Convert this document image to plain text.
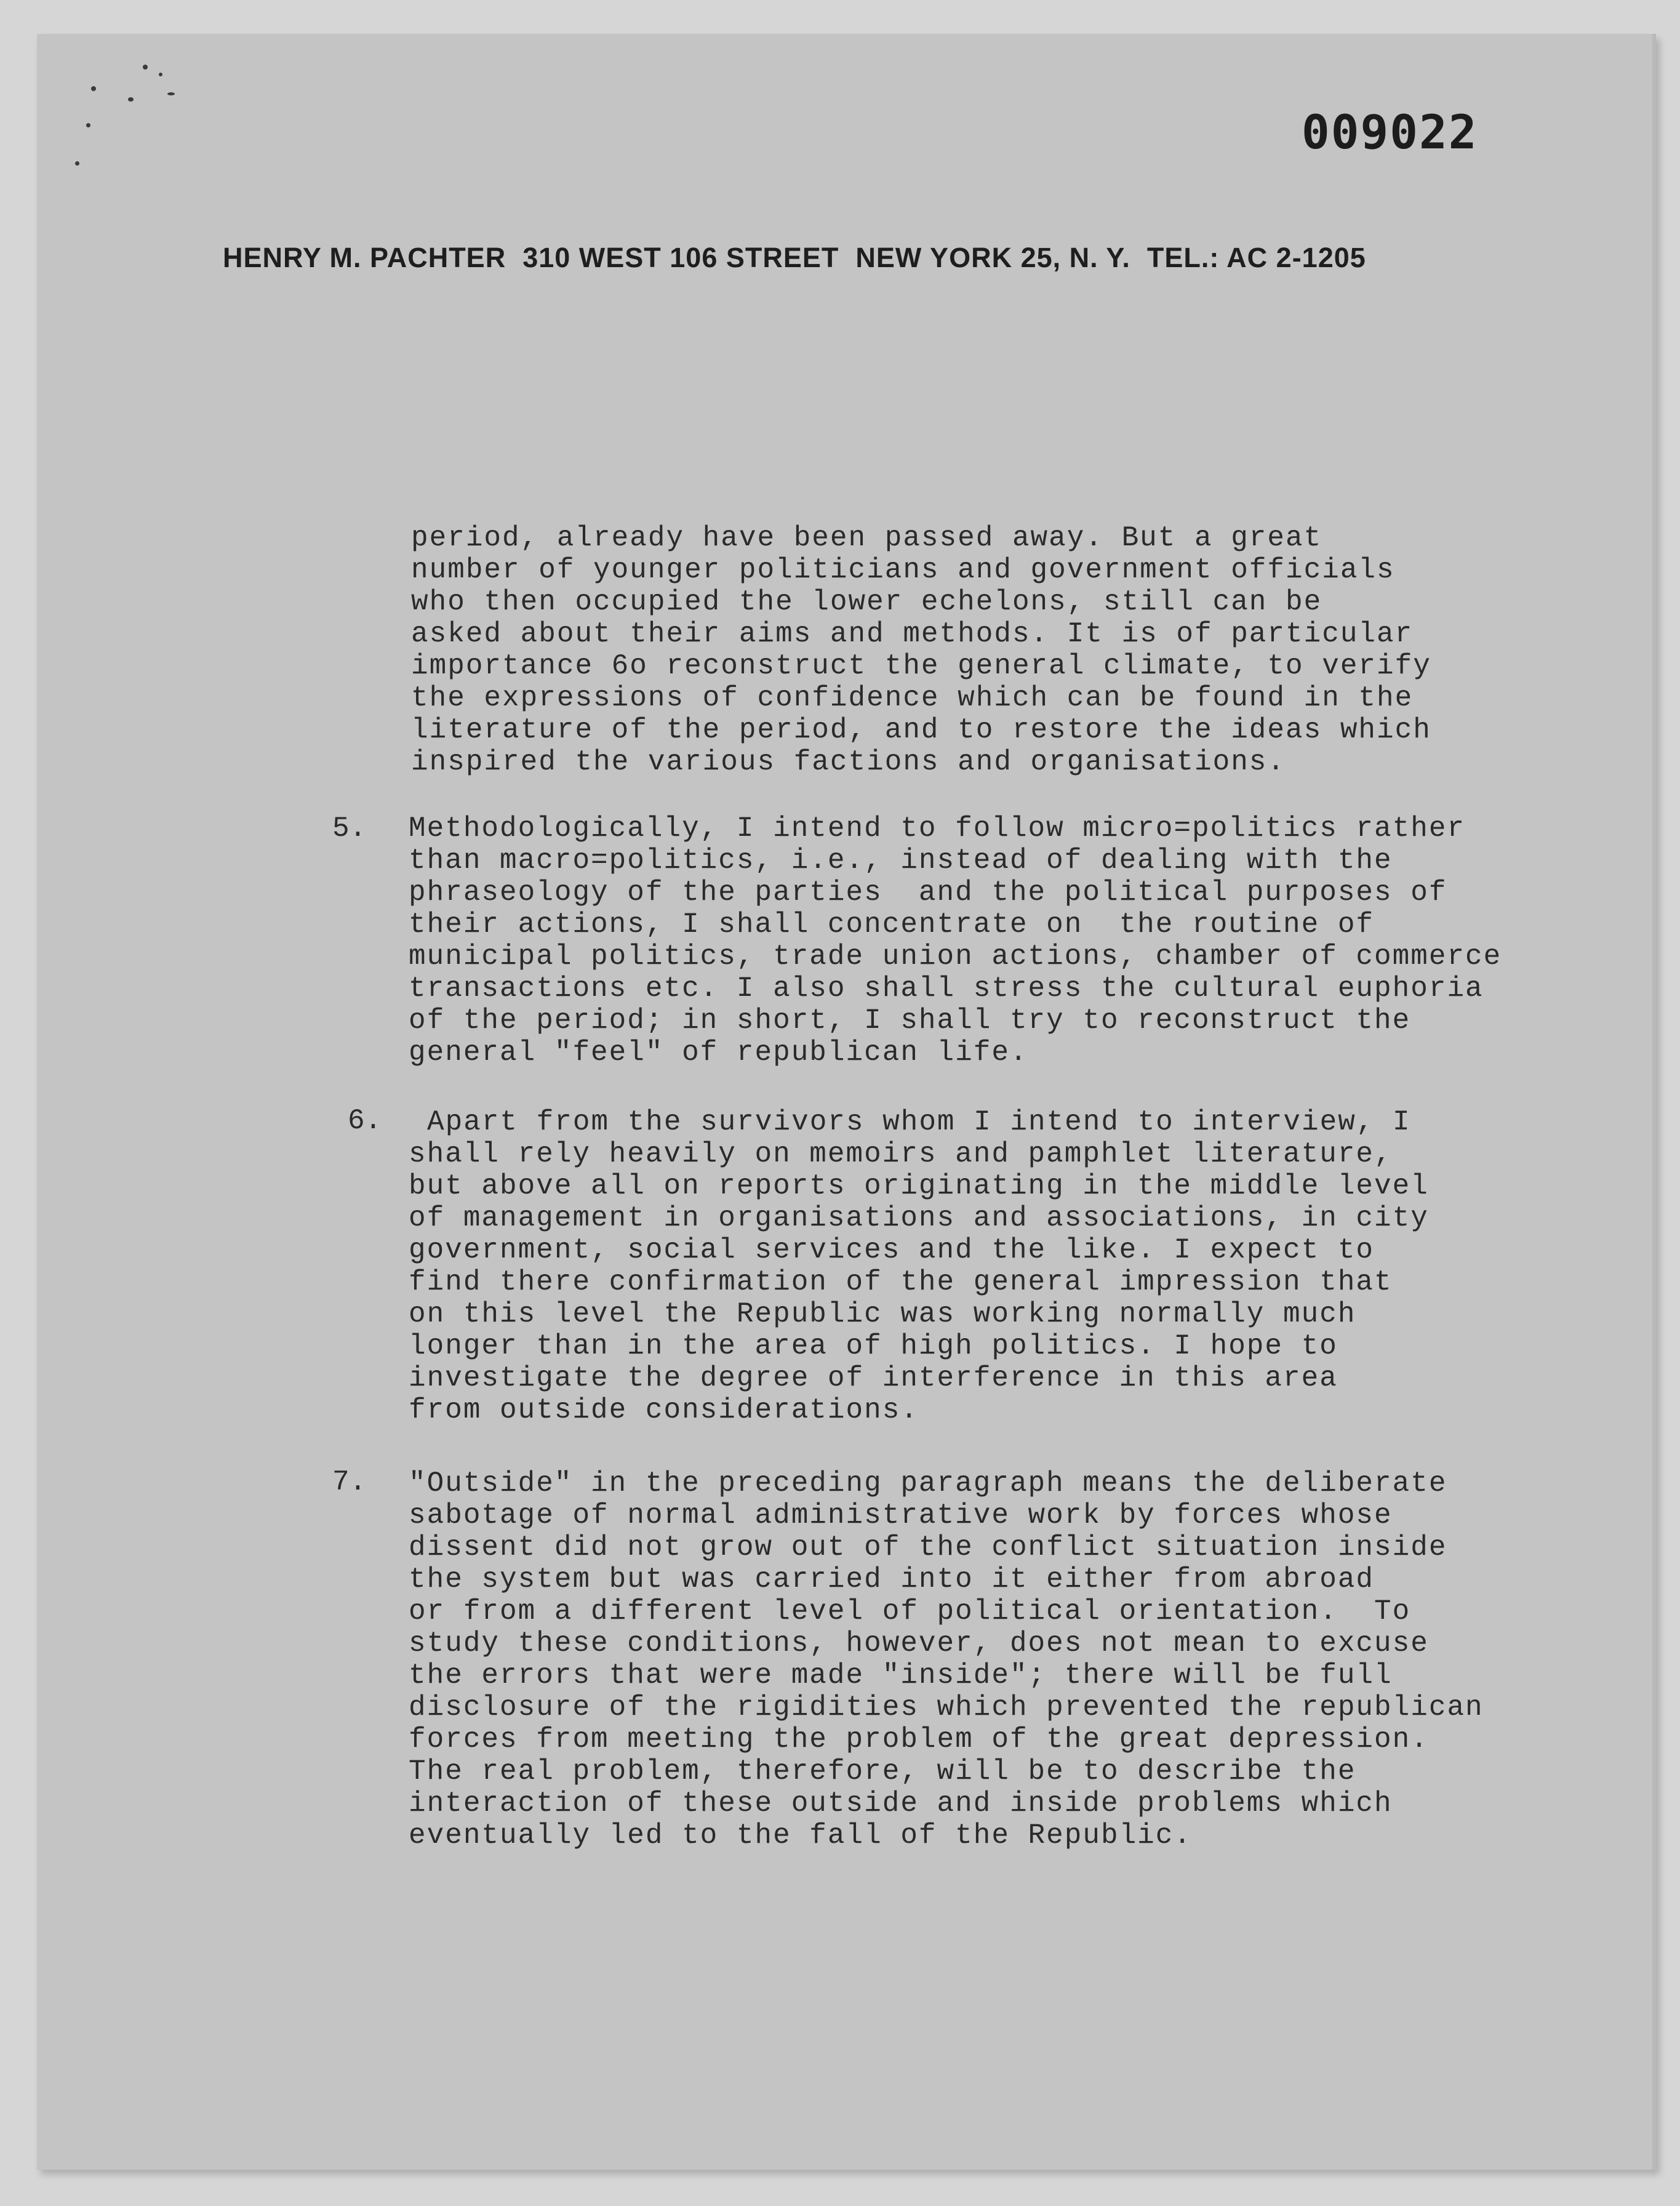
009022
HENRY M. PACHTER  310 WEST 106 STREET  NEW YORK 25, N. Y.  TEL.: AC 2-1205
period, already have been passed away. But a great
number of younger politicians and government officials
who then occupied the lower echelons, still can be
asked about their aims and methods. It is of particular
importance 6o reconstruct the general climate, to verify
the expressions of confidence which can be found in the
literature of the period, and to restore the ideas which
inspired the various factions and organisations.
5. Methodologically, I intend to follow micro=politics rather
than macro=politics, i.e., instead of dealing with the
phraseology of the parties  and the political purposes of
their actions, I shall concentrate on  the routine of
municipal politics, trade union actions, chamber of commerce
transactions etc. I also shall stress the cultural euphoria
of the period; in short, I shall try to reconstruct the
general "feel" of republican life.
6.	Apart from the survivors whom I intend to interview, I
shall rely heavily on memoirs and pamphlet literature,
but above all on reports originating in the middle level
of management in organisations and associations, in city
government, social services and the like. I expect to
find there confirmation of the general impression that
on this level the Republic was working normally much
longer than in the area of high politics. I hope to
investigate the degree of interference in this area
from outside considerations.
7. "Outside" in the preceding paragraph means the deliberate
sabotage of normal administrative work by forces whose
dissent did not grow out of the conflict situation inside
the system but was carried into it either from abroad
or from a different level of political orientation.  To
study these conditions, however, does not mean to excuse
the errors that were made "inside"; there will be full
disclosure of the rigidities which prevented the republican
forces from meeting the problem of the great depression.
The real problem, therefore, will be to describe the
interaction of these outside and inside problems which
eventually led to the fall of the Republic.
